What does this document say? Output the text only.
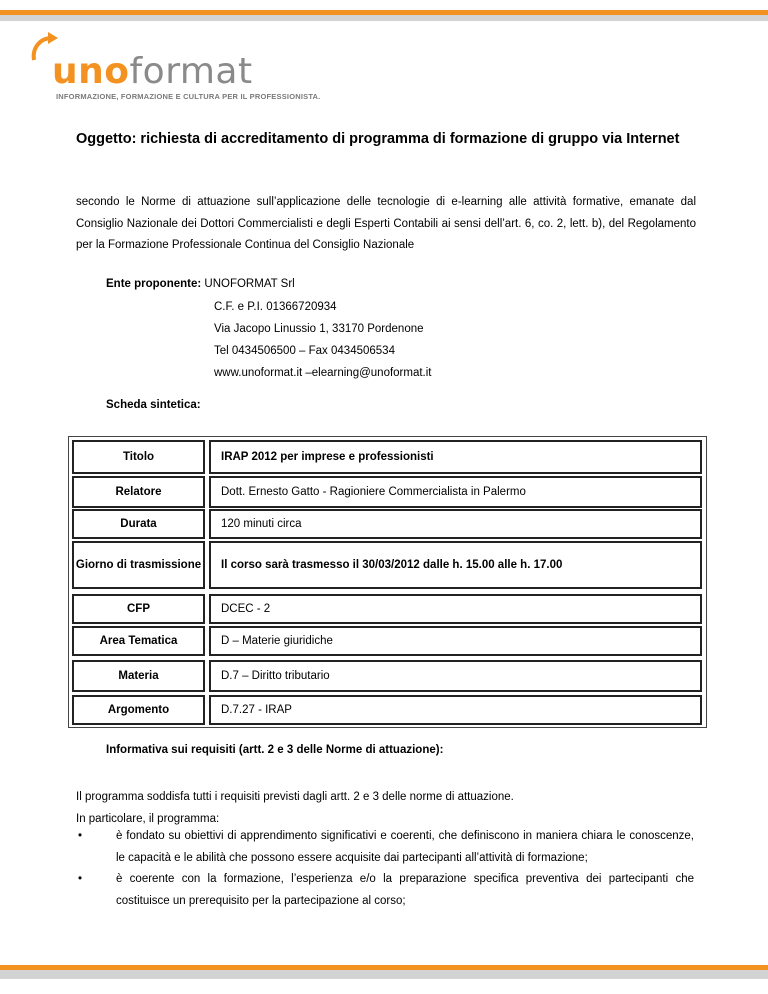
unoformat
INFORMAZIONE, FORMAZIONE E CULTURA PER IL PROFESSIONISTA.
Oggetto: richiesta di accreditamento di programma di formazione di gruppo via Internet

secondo le Norme di attuazione sull’applicazione delle tecnologie di e-learning alle attività formative, emanate dal Consiglio Nazionale dei Dottori Commercialisti e degli Esperti Contabili ai sensi dell’art. 6, co. 2, lett. b), del Regolamento per la Formazione Professionale Continua del Consiglio Nazionale

Ente proponente: UNOFORMAT Srl
C.F. e P.I. 01366720934
Via Jacopo Linussio 1, 33170 Pordenone
Tel 0434506500 – Fax 0434506534
www.unoformat.it –elearning@unoformat.it
Scheda sintetica:
Titolo	IRAP 2012 per imprese e professionisti
Relatore	Dott. Ernesto Gatto - Ragioniere Commercialista in Palermo
Durata	120 minuti circa
Giorno di trasmissione	Il corso sarà trasmesso il 30/03/2012 dalle h. 15.00 alle h. 17.00
CFP	DCEC - 2
Area Tematica	D – Materie giuridiche
Materia	D.7 – Diritto tributario
Argomento	D.7.27 - IRAP
Informativa sui requisiti (artt. 2 e 3 delle Norme di attuazione):

Il programma soddisfa tutti i requisiti previsti dagli artt. 2 e 3 delle norme di attuazione.

In particolare, il programma:

•	è fondato su obiettivi di apprendimento significativi e coerenti, che definiscono in maniera chiara le conoscenze, le capacità e le abilità che possono essere acquisite dai partecipanti all’attività di formazione;
•	è coerente con la formazione, l’esperienza e/o la preparazione specifica preventiva dei partecipanti che costituisce un prerequisito per la partecipazione al corso;
